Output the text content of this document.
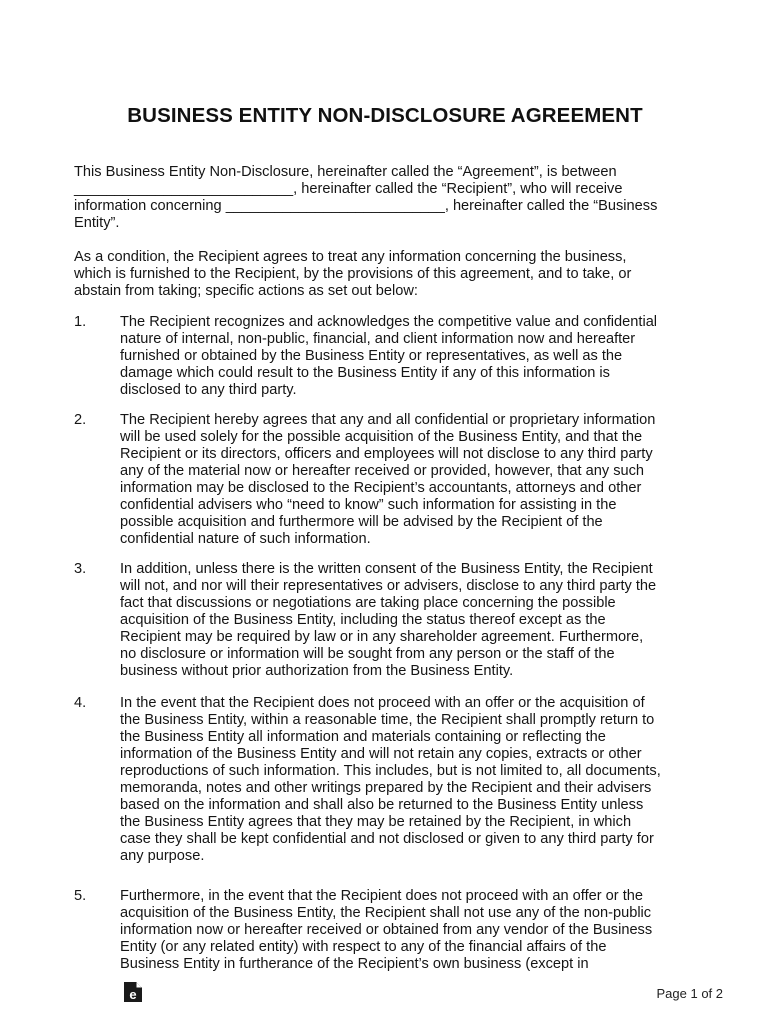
BUSINESS ENTITY NON-DISCLOSURE AGREEMENT
This Business Entity Non-Disclosure, hereinafter called the “Agreement”, is between
___________________________, hereinafter called the “Recipient”, who will receive
information concerning ___________________________, hereinafter called the “Business
Entity”.
As a condition, the Recipient agrees to treat any information concerning the business,
which is furnished to the Recipient, by the provisions of this agreement, and to take, or
abstain from taking; specific actions as set out below:
1. The Recipient recognizes and acknowledges the competitive value and confidential
nature of internal, non-public, financial, and client information now and hereafter
furnished or obtained by the Business Entity or representatives, as well as the
damage which could result to the Business Entity if any of this information is
disclosed to any third party.
2. The Recipient hereby agrees that any and all confidential or proprietary information
will be used solely for the possible acquisition of the Business Entity, and that the
Recipient or its directors, officers and employees will not disclose to any third party
any of the material now or hereafter received or provided, however, that any such
information may be disclosed to the Recipient’s accountants, attorneys and other
confidential advisers who “need to know” such information for assisting in the
possible acquisition and furthermore will be advised by the Recipient of the
confidential nature of such information.
3. In addition, unless there is the written consent of the Business Entity, the Recipient
will not, and nor will their representatives or advisers, disclose to any third party the
fact that discussions or negotiations are taking place concerning the possible
acquisition of the Business Entity, including the status thereof except as the
Recipient may be required by law or in any shareholder agreement. Furthermore,
no disclosure or information will be sought from any person or the staff of the
business without prior authorization from the Business Entity.
4. In the event that the Recipient does not proceed with an offer or the acquisition of
the Business Entity, within a reasonable time, the Recipient shall promptly return to
the Business Entity all information and materials containing or reflecting the
information of the Business Entity and will not retain any copies, extracts or other
reproductions of such information. This includes, but is not limited to, all documents,
memoranda, notes and other writings prepared by the Recipient and their advisers
based on the information and shall also be returned to the Business Entity unless
the Business Entity agrees that they may be retained by the Recipient, in which
case they shall be kept confidential and not disclosed or given to any third party for
any purpose.
5. Furthermore, in the event that the Recipient does not proceed with an offer or the
acquisition of the Business Entity, the Recipient shall not use any of the non-public
information now or hereafter received or obtained from any vendor of the Business
Entity (or any related entity) with respect to any of the financial affairs of the
Business Entity in furtherance of the Recipient’s own business (except in
e	Page 1 of 2
